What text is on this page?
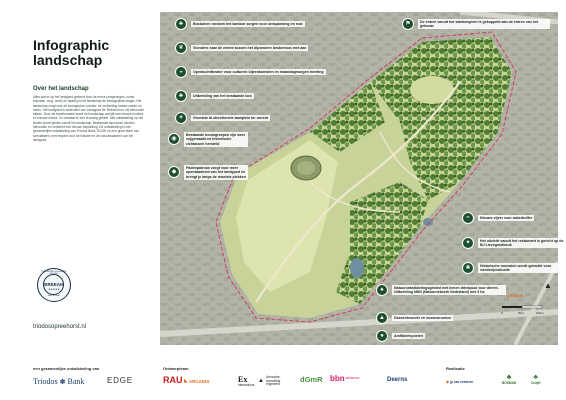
Infographic
landschap
Over het landschap
Alles wat er op het landgoed gebeurt door de mens (omgevingen, kunst, educatie, zorg, werk) en daarbij is het landschap de belangrijkste drager. Het landschap zorgt voor de ecologische corridor, de verbinding tussen natuur en mens. Het landgoed is onderdeel van Landgoed De Reehorst en zal behouden blijven. Door de transformatie wordt het landschap verrijkt met nieuwe functies en nieuwe natuur. Zo ontstaat er een levendig geheel. Alle ontwikkeling op het terrein wordt gezien vanuit het landschap. Bestaande structuren worden behouden en versterkt met nieuwe beplanting. De ontwikkeling is een gezamenlijke ontwikkeling van Triodos Bank, EDGE en een groot team van specialisten, met respect voor de historie en de natuurwaarden van het landgoed.
OUTSTANDING SUSTAINABLE BUILDING
BREEAM
★★★★★
BRE GLOBAL
triodosopreehorst.nl
♣	Bostuinen rondom het kantoor zorgen voor ontspanning en rust
❦	Vlonders naar de entree tussen het bijzondere beukenbos met aan
◒	Openluchttheater voor culturele bijeenkomsten en maandagmorgen meeting
♣	Uitbreiding van het bestaande bos
✶	Grootste bi-directionele laadplein ter wereld
◉
Bestaande boomgroepen zijn weer vrijgemaakt en historische zichtassen hersteld
◆
Padenpatroon zorgt voor meer openbaarheid van het landgoed en brengt je langs de mooiste plekken
⚑	De entree vanuit het stationsplein is gekoppeld aan de entree van het gebouw
≈	Nieuwe vijver voor waterbuffer
✦	Het uitzicht vanuit het restaurant is gericht op de BJ Lievegoedbeuk
❀	Historische moestuin wordt gebruikt voor voedselproductie
♠	Natuurontwikkelingsgebied met lemen drinkpool voor dieren. Uitbreiding NNN (Natuurnetwerk Nederland) met 3 ha
▲	Dassenheuvels en boomstronken
●	Amfibieënpoelen
▲
ARCADIS
0	50m	100m
een gezamenlijke ontwikkeling van
Triodos ✽ Bank	EDGE
Ontwerpteam
RAU ◣ ARCADIS	Ex
interactions
▲
Arnoudse consulting engineers
dGmR bbn adviseurs	Deerns
Realisatie
◆ jp van eesteren
♣
BOSMAN
♣
Cruijff
